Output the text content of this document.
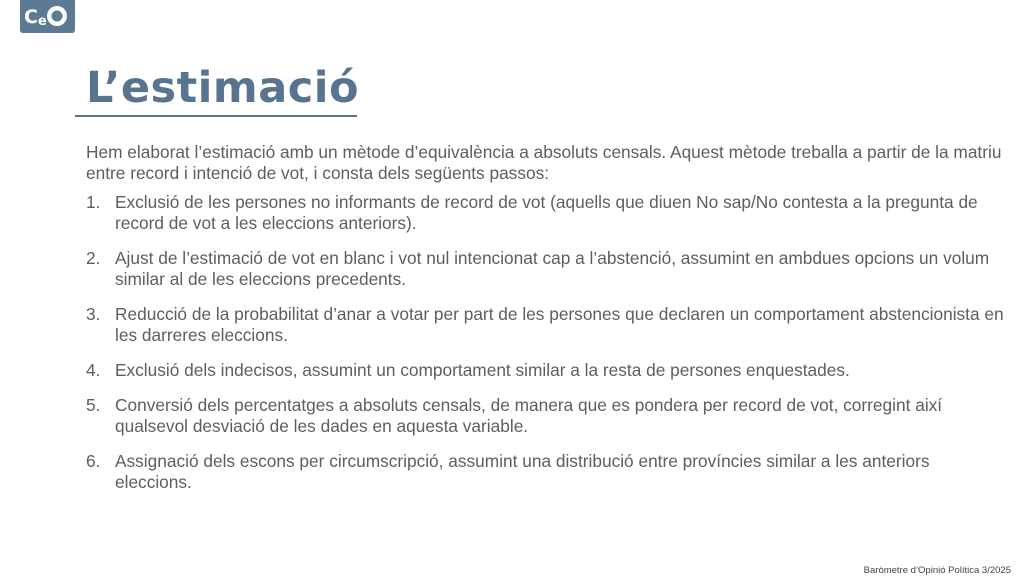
C e
L’estimació

Hem elaborat l’estimació amb un mètode d’equivalència a absoluts censals. Aquest mètode treballa a partir de la matriu entre record i intenció de vot, i consta dels següents passos:

1. Exclusió de les persones no informants de record de vot (aquells que diuen No sap/No contesta a la pregunta de record de vot a les eleccions anteriors).
2. Ajust de l’estimació de vot en blanc i vot nul intencionat cap a l’abstenció, assumint en ambdues opcions un volum similar al de les eleccions precedents.
3. Reducció de la probabilitat d’anar a votar per part de les persones que declaren un comportament abstencionista en les darreres eleccions.
4. Exclusió dels indecisos, assumint un comportament similar a la resta de persones enquestades.
5. Conversió dels percentatges a absoluts censals, de manera que es pondera per record de vot, corregint així qualsevol desviació de les dades en aquesta variable.
6. Assignació dels escons per circumscripció, assumint una distribució entre províncies similar a les anteriors eleccions.
Baròmetre d’Opinió Política 3/2025
